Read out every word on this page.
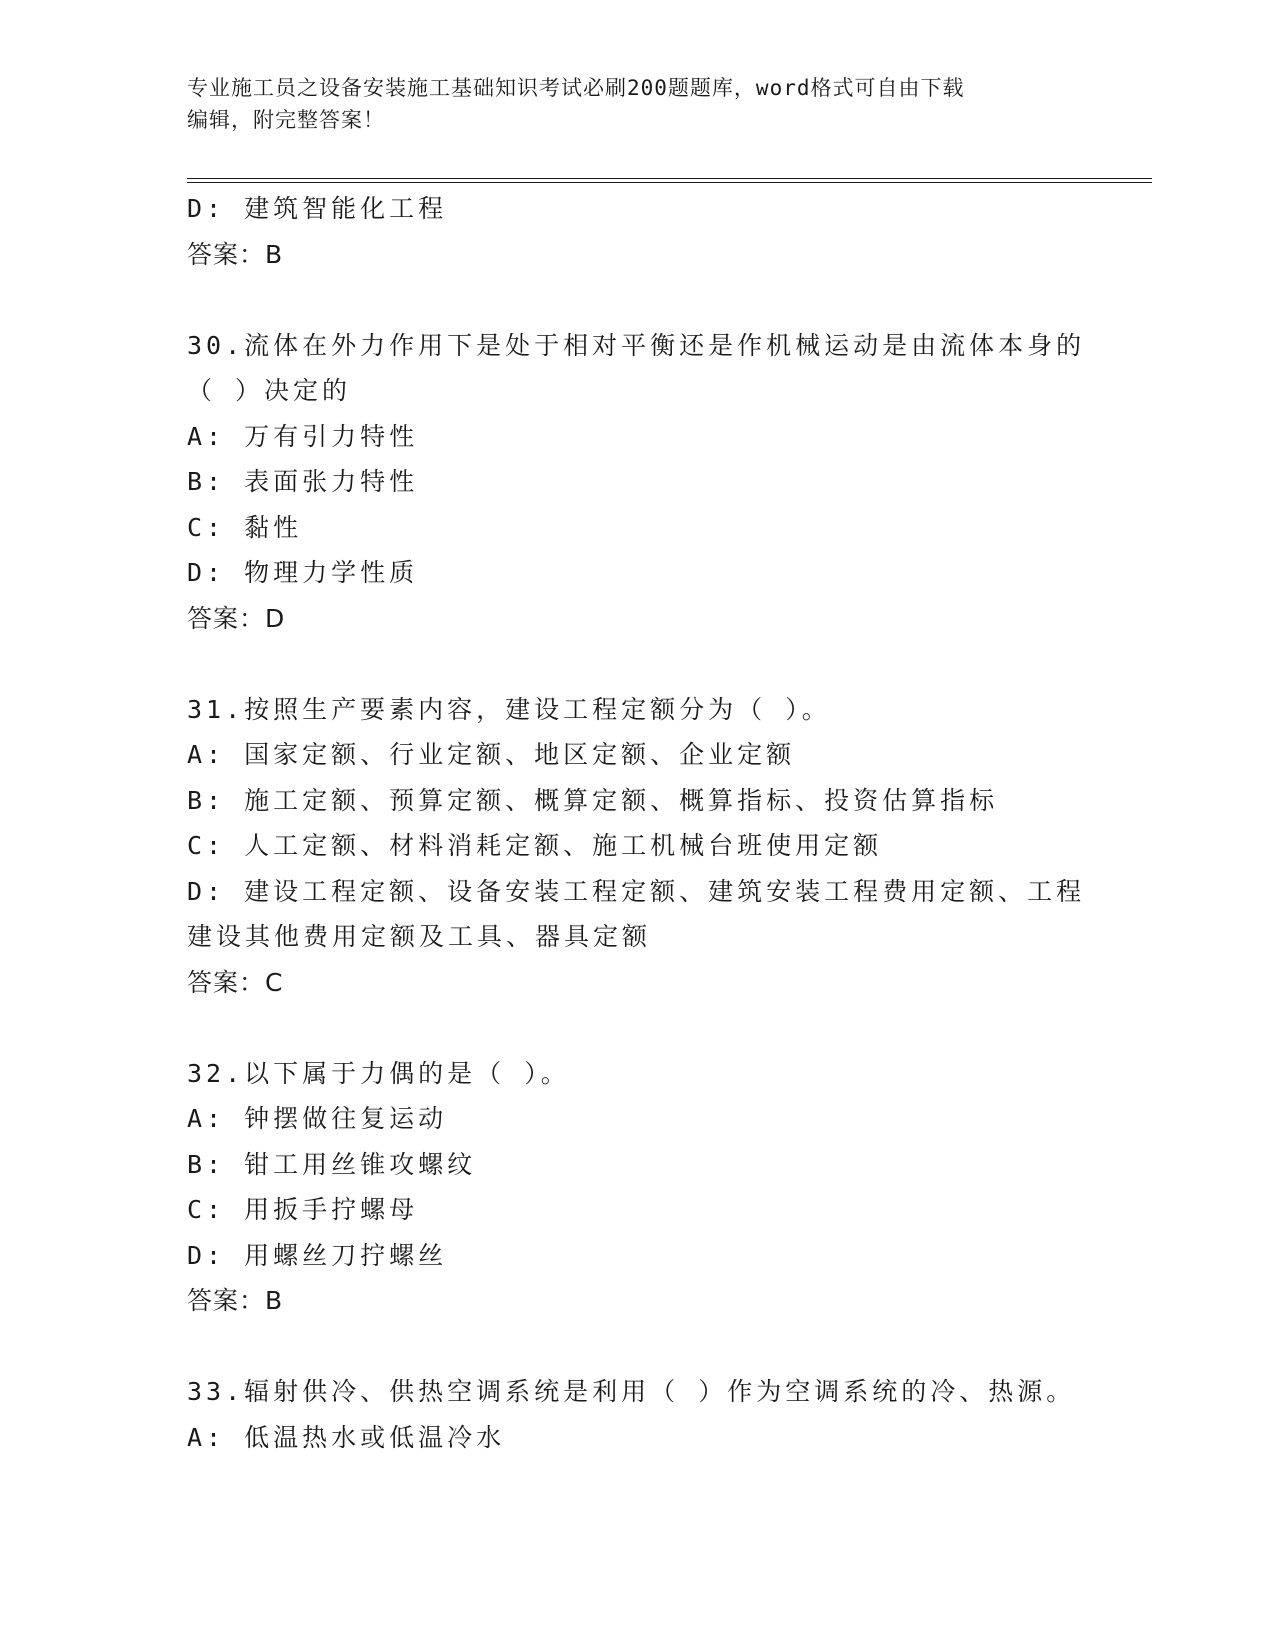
专业施工员之设备安装施工基础知识考试必刷200题题库，word格式可自由下载
编辑，附完整答案！
D: 建筑智能化工程
答案：B
30.流体在外力作用下是处于相对平衡还是作机械运动是由流体本身的
（ ）决定的
A: 万有引力特性
B: 表面张力特性
C: 黏性
D: 物理力学性质
答案：D
31.按照生产要素内容，建设工程定额分为（ ）。
A: 国家定额、行业定额、地区定额、企业定额
B: 施工定额、预算定额、概算定额、概算指标、投资估算指标
C: 人工定额、材料消耗定额、施工机械台班使用定额
D: 建设工程定额、设备安装工程定额、建筑安装工程费用定额、工程
建设其他费用定额及工具、器具定额
答案：C
32.以下属于力偶的是（ ）。
A: 钟摆做往复运动
B: 钳工用丝锥攻螺纹
C: 用扳手拧螺母
D: 用螺丝刀拧螺丝
答案：B
33.辐射供冷、供热空调系统是利用（ ）作为空调系统的冷、热源。
A: 低温热水或低温冷水
